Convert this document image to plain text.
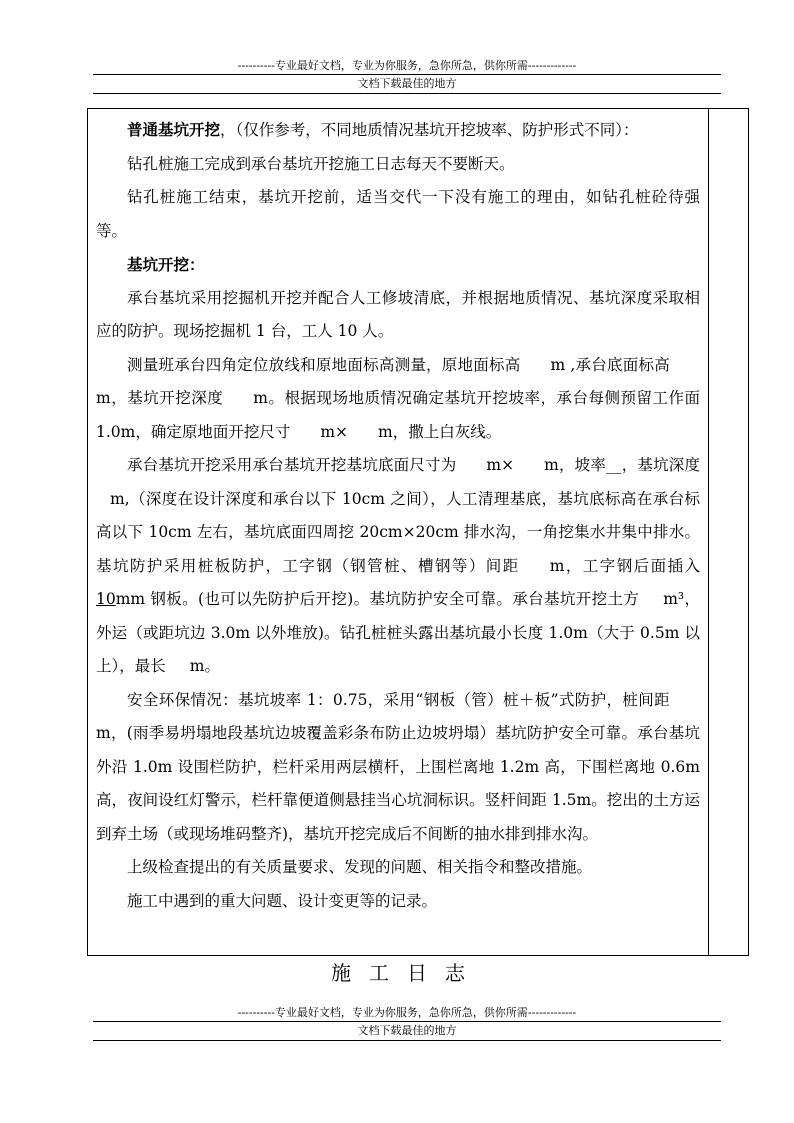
----------专业最好文档，专业为你服务，急你所急，供你所需-------------
文档下载最佳的地方

普通基坑开挖，（仅作参考，不同地质情况基坑开挖坡率、防护形式不同）：

钻孔桩施工完成到承台基坑开挖施工日志每天不要断天。

钻孔桩施工结束，基坑开挖前，适当交代一下没有施工的理由，如钻孔桩砼待强等。

基坑开挖：

承台基坑采用挖掘机开挖并配合人工修坡清底，并根据地质情况、基坑深度采取相应的防护。现场挖掘机 1 台，工人 10 人。

测量班承台四角定位放线和原地面标高测量，原地面标高 m ,承台底面标高m，基坑开挖深度 m。根据现场地质情况确定基坑开挖坡率，承台每侧预留工作面 1.0m，确定原地面开挖尺寸 m× m，撒上白灰线。

承台基坑开挖采用承台基坑开挖基坑底面尺寸为 m× m，坡率__，基坑深度m,（深度在设计深度和承台以下 10cm 之间），人工清理基底，基坑底标高在承台标高以下 10cm 左右，基坑底面四周挖 20cm×20cm 排水沟，一角挖集水井集中排水。基坑防护采用桩板防护，工字钢（钢管桩、槽钢等）间距 m，工字钢后面插入10mm 钢板。(也可以先防护后开挖)。基坑防护安全可靠。承台基坑开挖土方 m³，外运（或距坑边 3.0m 以外堆放)。钻孔桩桩头露出基坑最小长度 1.0m（大于 0.5m 以上），最长 m。

安全环保情况：基坑坡率 1：0.75，采用“钢板（管）桩＋板”式防护，桩间距m，(雨季易坍塌地段基坑边坡覆盖彩条布防止边坡坍塌）基坑防护安全可靠。承台基坑外沿 1.0m 设围栏防护，栏杆采用两层横杆，上围栏离地 1.2m 高，下围栏离地 0.6m 高，夜间设红灯警示，栏杆靠便道侧悬挂当心坑洞标识。竖杆间距 1.5m。挖出的土方运到弃土场（或现场堆码整齐)，基坑开挖完成后不间断的抽水排到排水沟。

上级检查提出的有关质量要求、发现的问题、相关指令和整改措施。

施工中遇到的重大问题、设计变更等的记录。

施工日志
----------专业最好文档，专业为你服务，急你所急，供你所需-------------
文档下载最佳的地方
